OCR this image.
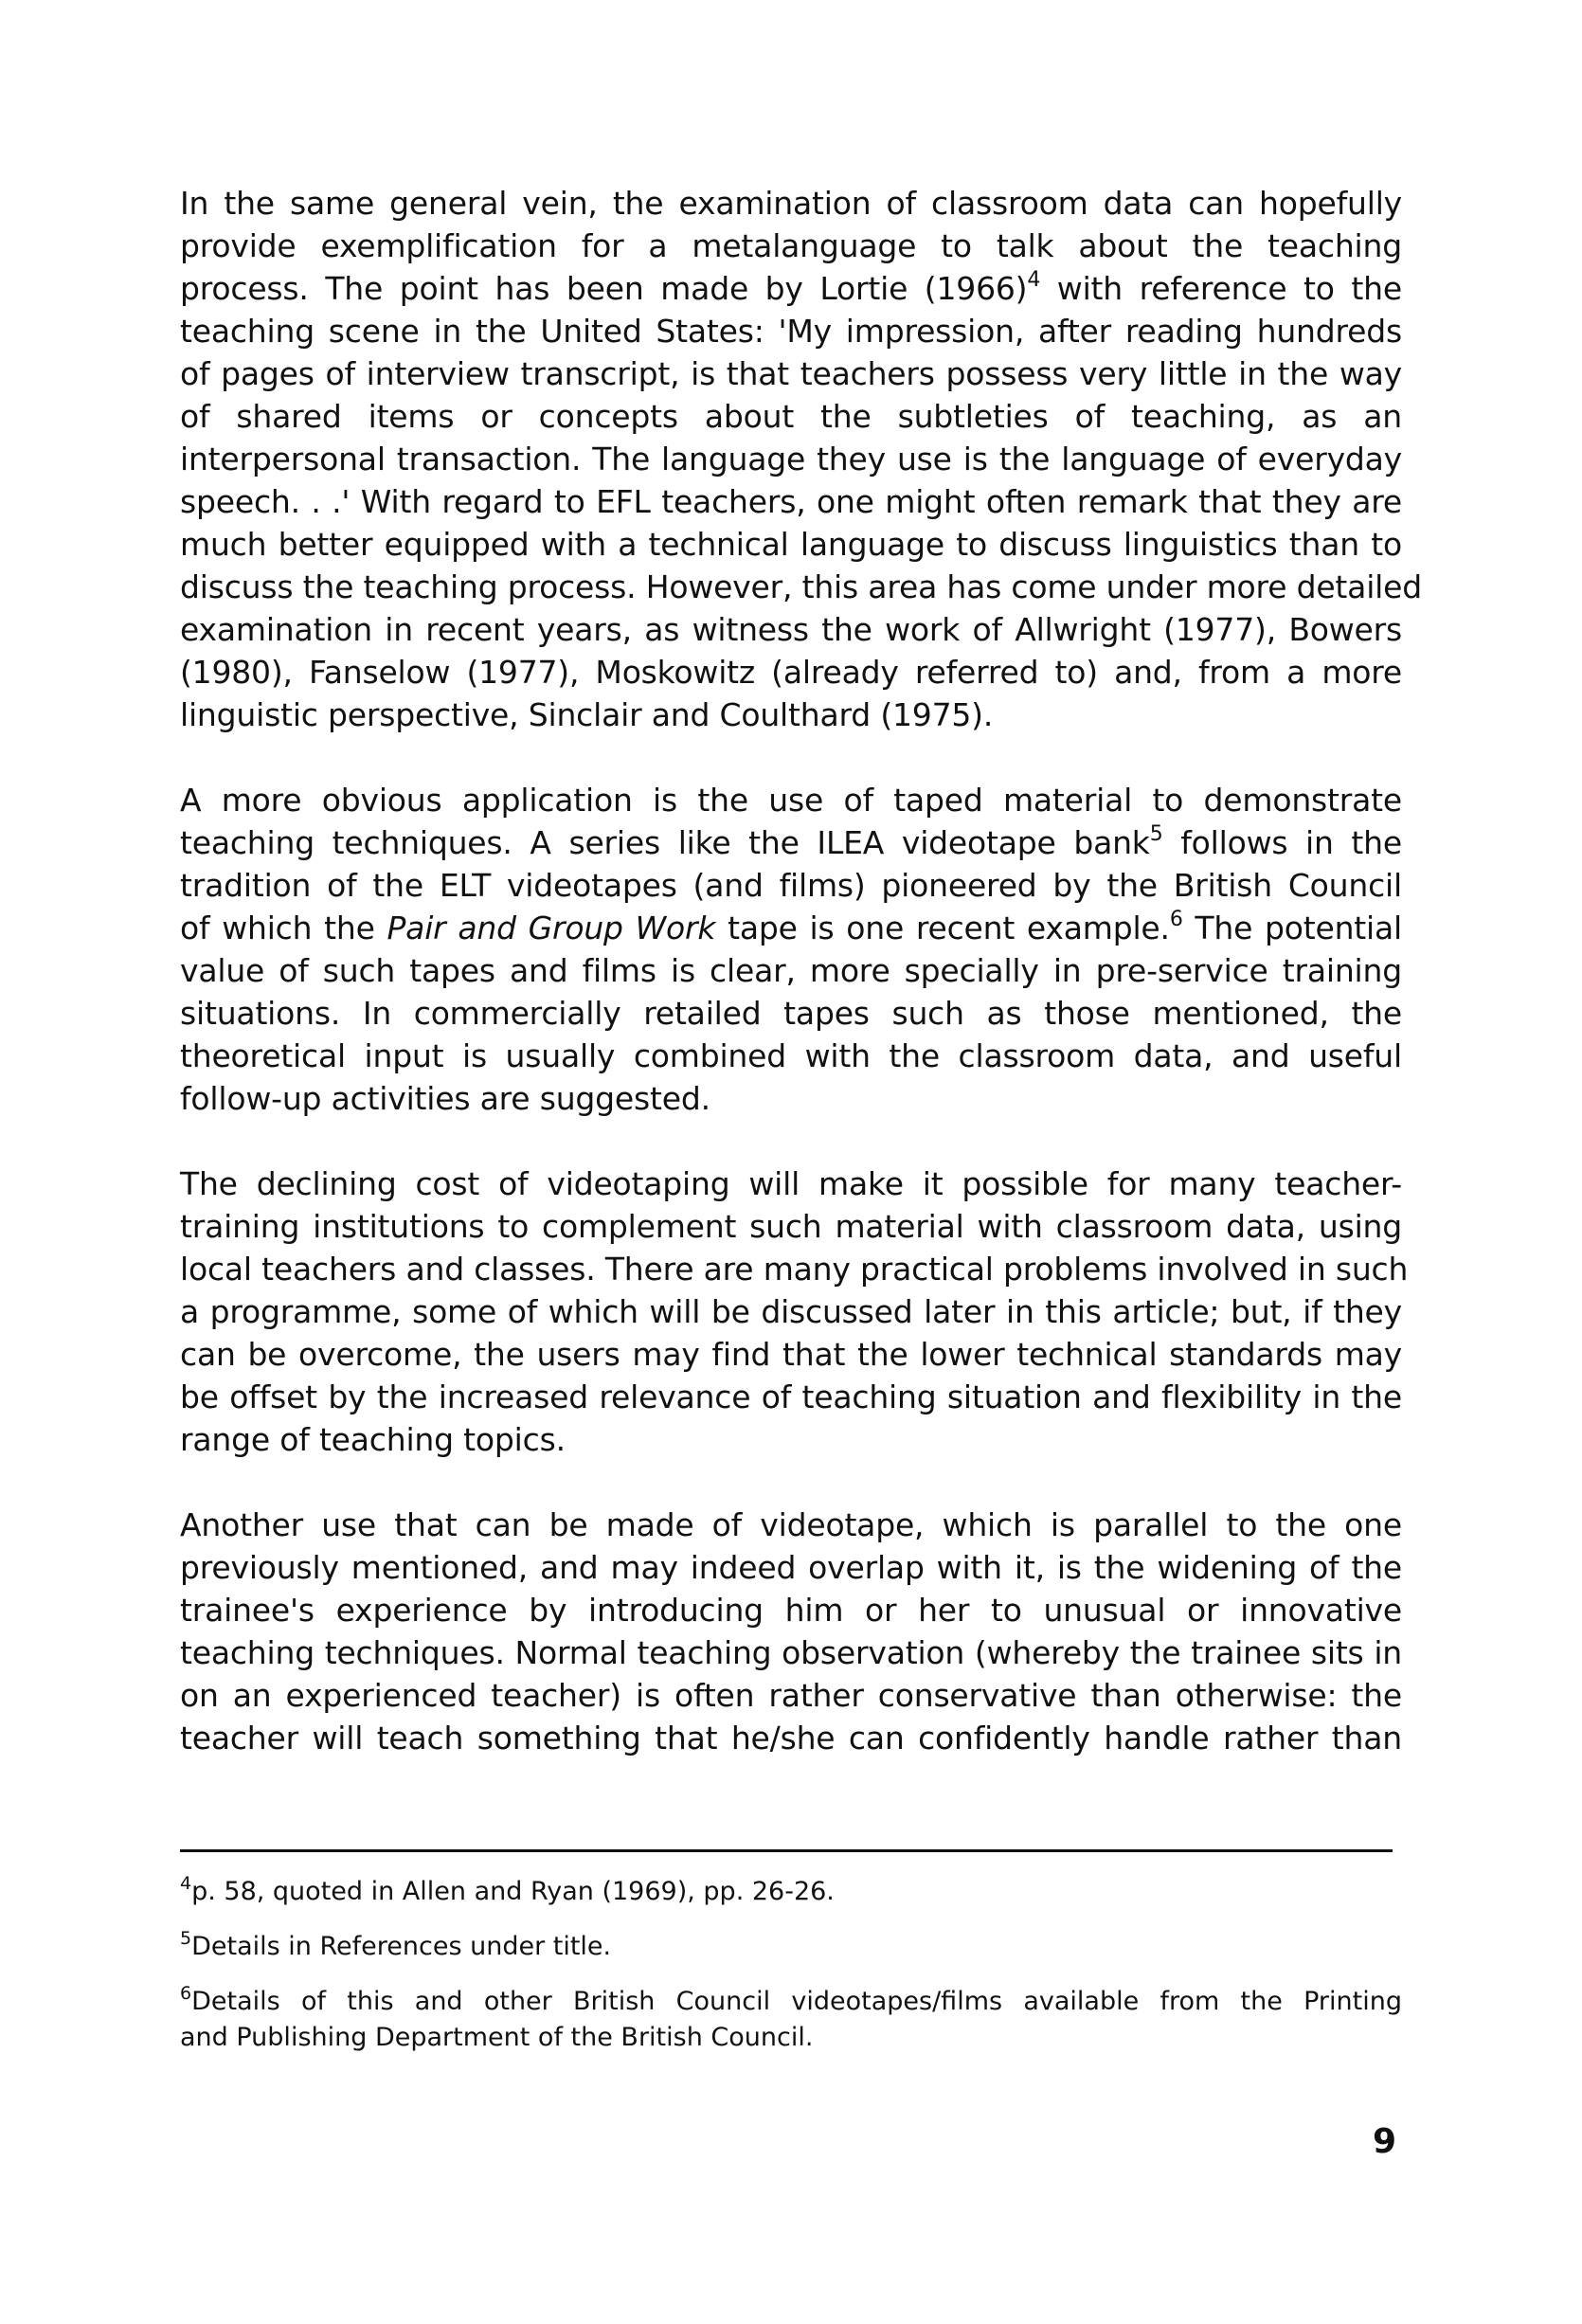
In the same general vein, the examination of classroom data can hopefully
provide exemplification for a metalanguage to talk about the teaching
process. The point has been made by Lortie $(1966)^4$ with reference to the
teaching scene in the United States: 'My impression, after reading hundreds
of pages of interview transcript, is that teachers possess very little in the way
of shared items or concepts about the subtleties of teaching, as an
interpersonal transaction. The language they use is the language of everyday
speech. . .' With regard to EFL teachers, one might often remark that they are
much better equipped with a technical language to discuss linguistics than to
discuss the teaching process. However, this area has come under more detailed
examination in recent years, as witness the work of Allwright (1977), Bowers
(1980), Fanselow (1977), Moskowitz (already referred to) and, from a more
linguistic perspective, Sinclair and Coulthard (1975).
A more obvious application is the use of taped material to demonstrate
teaching techniques. A series like the ILEA videotape bank$^5$ follows in the
tradition of the ELT videotapes (and films) pioneered by the British Council
of which the Pair and Group Work tape is one recent example.$^6$ The potential
value of such tapes and films is clear, more specially in pre-service training
situations. In commercially retailed tapes such as those mentioned, the
theoretical input is usually combined with the classroom data, and useful
follow-up activities are suggested.
The declining cost of videotaping will make it possible for many teacher-
training institutions to complement such material with classroom data, using
local teachers and classes. There are many practical problems involved in such
a programme, some of which will be discussed later in this article; but, if they
can be overcome, the users may find that the lower technical standards may
be offset by the increased relevance of teaching situation and flexibility in the
range of teaching topics.
Another use that can be made of videotape, which is parallel to the one
previously mentioned, and may indeed overlap with it, is the widening of the
trainee's experience by introducing him or her to unusual or innovative
teaching techniques. Normal teaching observation (whereby the trainee sits in
on an experienced teacher) is often rather conservative than otherwise: the
teacher will teach something that he/she can confidently handle rather than
$^4$p. 58, quoted in Allen and Ryan (1969), pp. 26-26.
$^5$Details in References under title.
$^6$Details of this and other British Council videotapes/films available from the Printing
and Publishing Department of the British Council.
9
